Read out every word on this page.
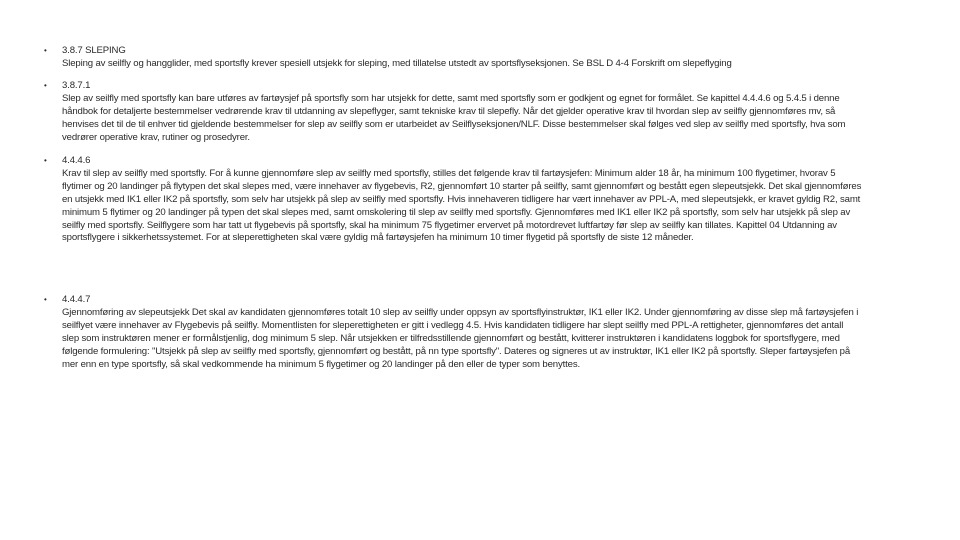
•	3.8.7 SLEPING
Sleping av seilfly og hangglider, med sportsfly krever spesiell utsjekk for sleping, med tillatelse utstedt av sportsflyseksjonen. Se BSL D 4-4 Forskrift om slepeflyging
•	3.8.7.1
Slep av seilfly med sportsfly kan bare utføres av fartøysjef på sportsfly som har utsjekk for dette, samt med sportsfly som er godkjent og egnet for formålet. Se kapittel 4.4.4.6 og 5.4.5 i denne håndbok for detaljerte bestemmelser vedrørende krav til utdanning av slepeflyger, samt tekniske krav til slepefly. Når det gjelder operative krav til hvordan slep av seilfly gjennomføres mv, så henvises det til de til enhver tid gjeldende bestemmelser for slep av seilfly som er utarbeidet av Seilflyseksjonen/NLF. Disse bestemmelser skal følges ved slep av seilfly med sportsfly, hva som vedrører operative krav, rutiner og prosedyrer.
•	4.4.4.6
Krav til slep av seilfly med sportsfly. For å kunne gjennomføre slep av seilfly med sportsfly, stilles det følgende krav til fartøysjefen: Minimum alder 18 år, ha minimum 100 flygetimer, hvorav 5 flytimer og 20 landinger på flytypen det skal slepes med, være innehaver av flygebevis, R2, gjennomført 10 starter på seilfly, samt gjennomført og bestått egen slepeutsjekk. Det skal gjennomføres en utsjekk med IK1 eller IK2 på sportsfly, som selv har utsjekk på slep av seilfly med sportsfly. Hvis innehaveren tidligere har vært innehaver av PPL-A, med slepeutsjekk, er kravet gyldig R2, samt minimum 5 flytimer og 20 landinger på typen det skal slepes med, samt omskolering til slep av seilfly med sportsfly. Gjennomføres med IK1 eller IK2 på sportsfly, som selv har utsjekk på slep av seilfly med sportsfly. Seilflygere som har tatt ut flygebevis på sportsfly, skal ha minimum 75 flygetimer ervervet på motordrevet luftfartøy før slep av seilfly kan tillates. Kapittel 04 Utdanning av sportsflygere i sikkerhetssystemet. For at sleperettigheten skal være gyldig må fartøysjefen ha minimum 10 timer flygetid på sportsfly de siste 12 måneder.
•	4.4.4.7
Gjennomføring av slepeutsjekk Det skal av kandidaten gjennomføres totalt 10 slep av seilfly under oppsyn av sportsflyinstruktør, IK1 eller IK2. Under gjennomføring av disse slep må fartøysjefen i seilflyet være innehaver av Flygebevis på seilfly. Momentlisten for sleperettigheten er gitt i vedlegg 4.5. Hvis kandidaten tidligere har slept seilfly med PPL-A rettigheter, gjennomføres det antall slep som instruktøren mener er formålstjenlig, dog minimum 5 slep. Når utsjekken er tilfredsstillende gjennomført og bestått, kvitterer instruktøren i kandidatens loggbok for sportsflygere, med følgende formulering: "Utsjekk på slep av seilfly med sportsfly, gjennomført og bestått, på nn type sportsfly". Dateres og signeres ut av instruktør, IK1 eller IK2 på sportsfly. Sleper fartøysjefen på mer enn en type sportsfly, så skal vedkommende ha minimum 5 flygetimer og 20 landinger på den eller de typer som benyttes.
